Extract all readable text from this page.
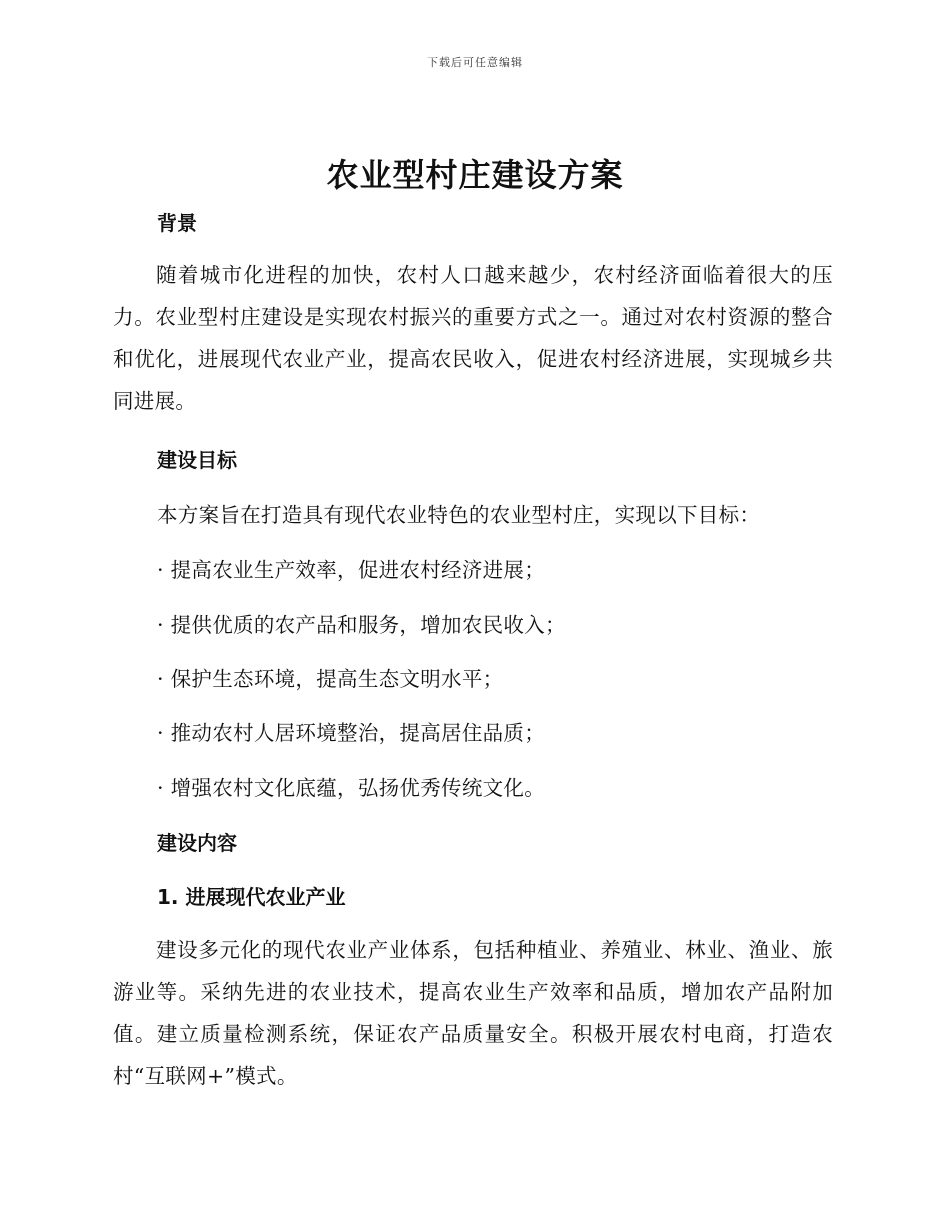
下载后可任意编辑
农业型村庄建设方案
背景
随着城市化进程的加快，农村人口越来越少，农村经济面临着很大的压力。农业型村庄建设是实现农村振兴的重要方式之一。通过对农村资源的整合和优化，进展现代农业产业，提高农民收入，促进农村经济进展，实现城乡共同进展。
建设目标
本方案旨在打造具有现代农业特色的农业型村庄，实现以下目标：
· 提高农业生产效率，促进农村经济进展；
· 提供优质的农产品和服务，增加农民收入；
· 保护生态环境，提高生态文明水平；
· 推动农村人居环境整治，提高居住品质；
· 增强农村文化底蕴，弘扬优秀传统文化。
建设内容
1. 进展现代农业产业
建设多元化的现代农业产业体系，包括种植业、养殖业、林业、渔业、旅游业等。采纳先进的农业技术，提高农业生产效率和品质，增加农产品附加值。建立质量检测系统，保证农产品质量安全。积极开展农村电商，打造农村“互联网+”模式。
